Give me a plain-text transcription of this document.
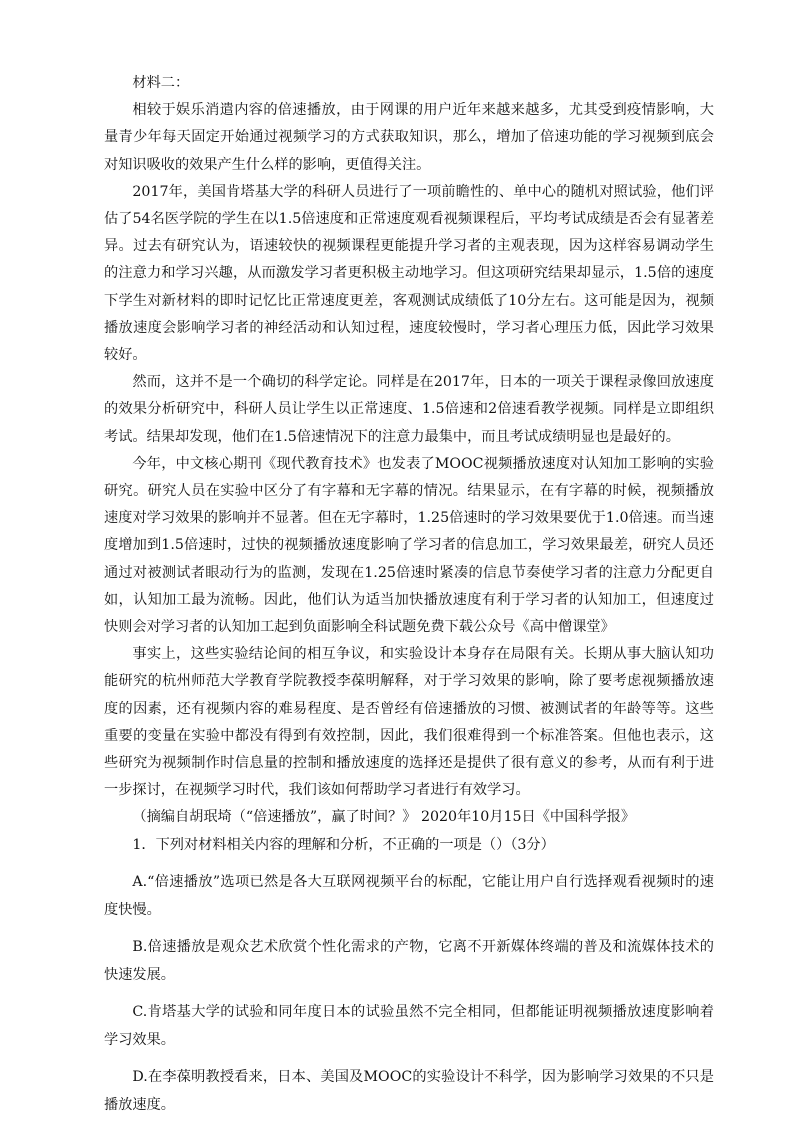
材料二：

相较于娱乐消遣内容的倍速播放，由于网课的用户近年来越来越多，尤其受到疫情影响，大量青少年每天固定开始通过视频学习的方式获取知识，那么，增加了倍速功能的学习视频到底会对知识吸收的效果产生什么样的影响，更值得关注。

2017年，美国肯塔基大学的科研人员进行了一项前瞻性的、单中心的随机对照试验，他们评估了54名医学院的学生在以1.5倍速度和正常速度观看视频课程后，平均考试成绩是否会有显著差异。过去有研究认为，语速较快的视频课程更能提升学习者的主观表现，因为这样容易调动学生的注意力和学习兴趣，从而激发学习者更积极主动地学习。但这项研究结果却显示，1.5倍的速度下学生对新材料的即时记忆比正常速度更差，客观测试成绩低了10分左右。这可能是因为，视频播放速度会影响学习者的神经活动和认知过程，速度较慢时，学习者心理压力低，因此学习效果较好。

然而，这并不是一个确切的科学定论。同样是在2017年，日本的一项关于课程录像回放速度的效果分析研究中，科研人员让学生以正常速度、1.5倍速和2倍速看教学视频。同样是立即组织考试。结果却发现，他们在1.5倍速情况下的注意力最集中，而且考试成绩明显也是最好的。

今年，中文核心期刊《现代教育技术》也发表了MOOC视频播放速度对认知加工影响的实验研究。研究人员在实验中区分了有字幕和无字幕的情况。结果显示，在有字幕的时候，视频播放速度对学习效果的影响并不显著。但在无字幕时，1.25倍速时的学习效果要优于1.0倍速。而当速度增加到1.5倍速时，过快的视频播放速度影响了学习者的信息加工，学习效果最差，研究人员还通过对被测试者眼动行为的监测，发现在1.25倍速时紧凑的信息节奏使学习者的注意力分配更自如，认知加工最为流畅。因此，他们认为适当加快播放速度有利于学习者的认知加工，但速度过快则会对学习者的认知加工起到负面影响全科试题免费下载公众号《高中僧课堂》

事实上，这些实验结论间的相互争议，和实验设计本身存在局限有关。长期从事大脑认知功能研究的杭州师范大学教育学院教授李葆明解释，对于学习效果的影响，除了要考虑视频播放速度的因素，还有视频内容的难易程度、是否曾经有倍速播放的习惯、被测试者的年龄等等。这些重要的变量在实验中都没有得到有效控制，因此，我们很难得到一个标准答案。但他也表示，这些研究为视频制作时信息量的控制和播放速度的选择还是提供了很有意义的参考，从而有利于进一步探讨，在视频学习时代，我们该如何帮助学习者进行有效学习。

（摘编自胡珉埼（“倍速播放”，赢了时间？》 2020年10月15日《中国科学报》

1．下列对材料相关内容的理解和分析，不正确的一项是（）（3分）

A.“倍速播放”选项已然是各大互联网视频平台的标配，它能让用户自行选择观看视频时的速度快慢。

B.倍速播放是观众艺术欣赏个性化需求的产物，它离不开新媒体终端的普及和流媒体技术的快速发展。

C.肯塔基大学的试验和同年度日本的试验虽然不完全相同，但都能证明视频播放速度影响着学习效果。

D.在李葆明教授看来，日本、美国及MOOC的实验设计不科学，因为影响学习效果的不只是播放速度。
